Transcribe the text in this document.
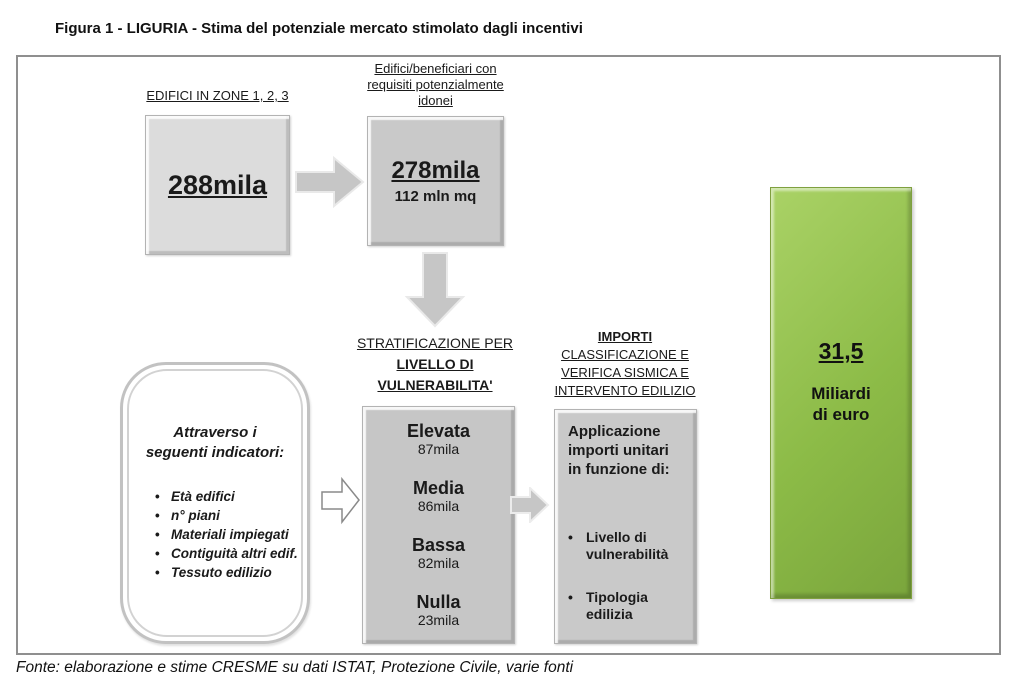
Figura 1 - LIGURIA - Stima del potenziale mercato stimolato dagli incentivi
EDIFICI IN ZONE 1, 2, 3
288mila
Edifici/beneficiari con
requisiti potenzialmente
idonei
278mila
112 mln mq
STRATIFICAZIONE PER
LIVELLO DI
VULNERABILITA'
Elevata
87mila
Media
86mila
Bassa
82mila
Nulla
23mila
Attraverso i
seguenti indicatori:
• Età edifici
• n° piani
• Materiali impiegati
• Contiguità altri edif.
• Tessuto edilizio
IMPORTI
CLASSIFICAZIONE E
VERIFICA SISMICA E
INTERVENTO EDILIZIO
Applicazione
importi unitari
in funzione di:
• Livello di vulnerabilità
• Tipologia edilizia
31,5
Miliardi
di euro
Fonte: elaborazione e stime CRESME su dati ISTAT, Protezione Civile, varie fonti
